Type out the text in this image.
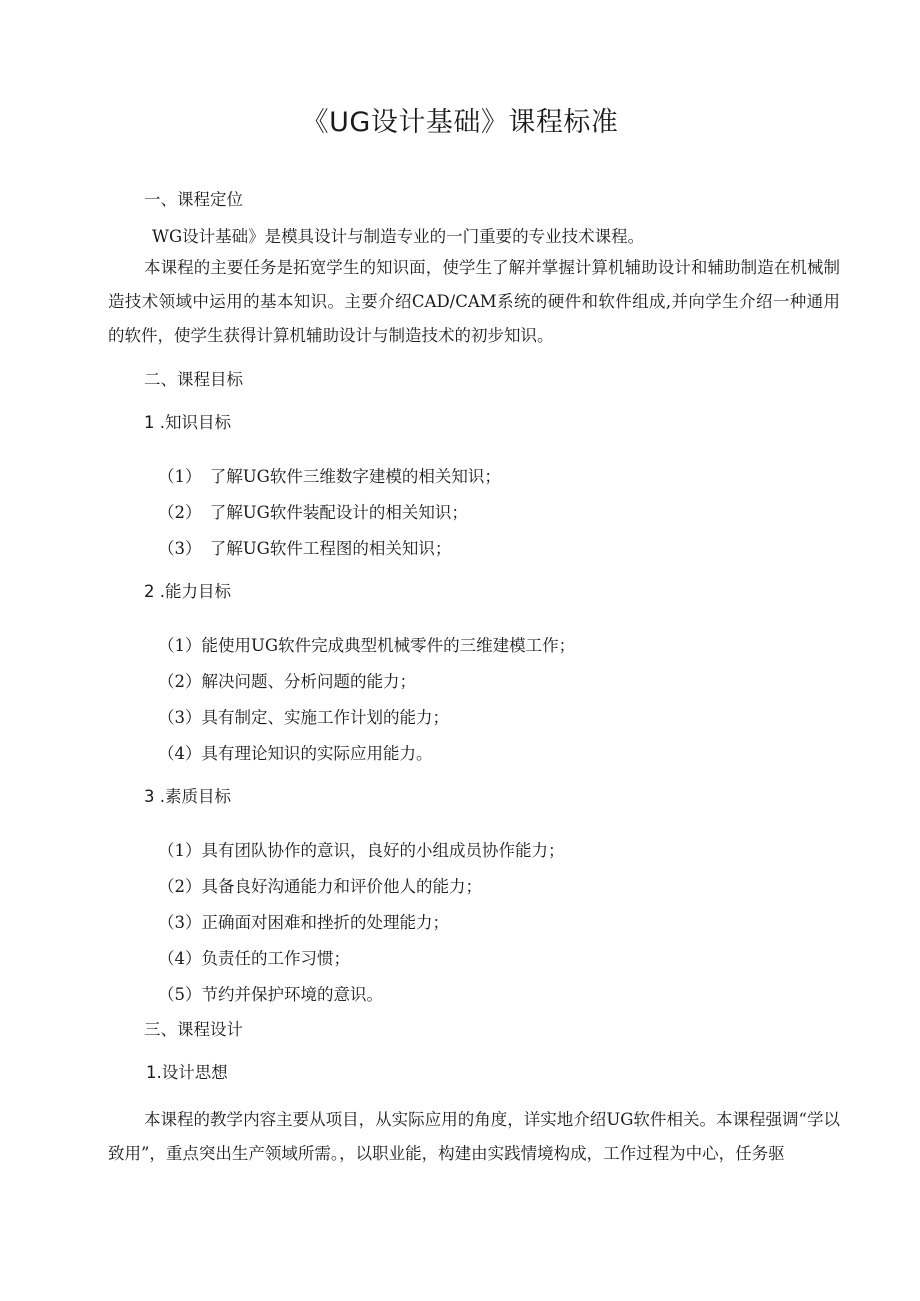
《UG设计基础》课程标准
一、课程定位
WG设计基础》是模具设计与制造专业的一门重要的专业技术课程。
本课程的主要任务是拓宽学生的知识面，使学生了解并掌握计算机辅助设计和辅助制造在机械制造技术领域中运用的基本知识。主要介绍CAD/CAM系统的硬件和软件组成,并向学生介绍一种通用的软件，使学生获得计算机辅助设计与制造技术的初步知识。
二、课程目标
1 .知识目标
（1）　了解UG软件三维数字建模的相关知识；
（2）　了解UG软件装配设计的相关知识；
（3）　了解UG软件工程图的相关知识；
2 .能力目标
（1）能使用UG软件完成典型机械零件的三维建模工作；
（2）解决问题、分析问题的能力；
（3）具有制定、实施工作计划的能力；
（4）具有理论知识的实际应用能力。
3 .素质目标
（1）具有团队协作的意识，良好的小组成员协作能力；
（2）具备良好沟通能力和评价他人的能力；
（3）正确面对困难和挫折的处理能力；
（4）负责任的工作习惯；
（5）节约并保护环境的意识。
三、课程设计
1.设计思想
本课程的教学内容主要从项目，从实际应用的角度，详实地介绍UG软件相关。本课程强调“学以致用”，重点突出生产领域所需。，以职业能，构建由实践情境构成，工作过程为中心，任务驱
